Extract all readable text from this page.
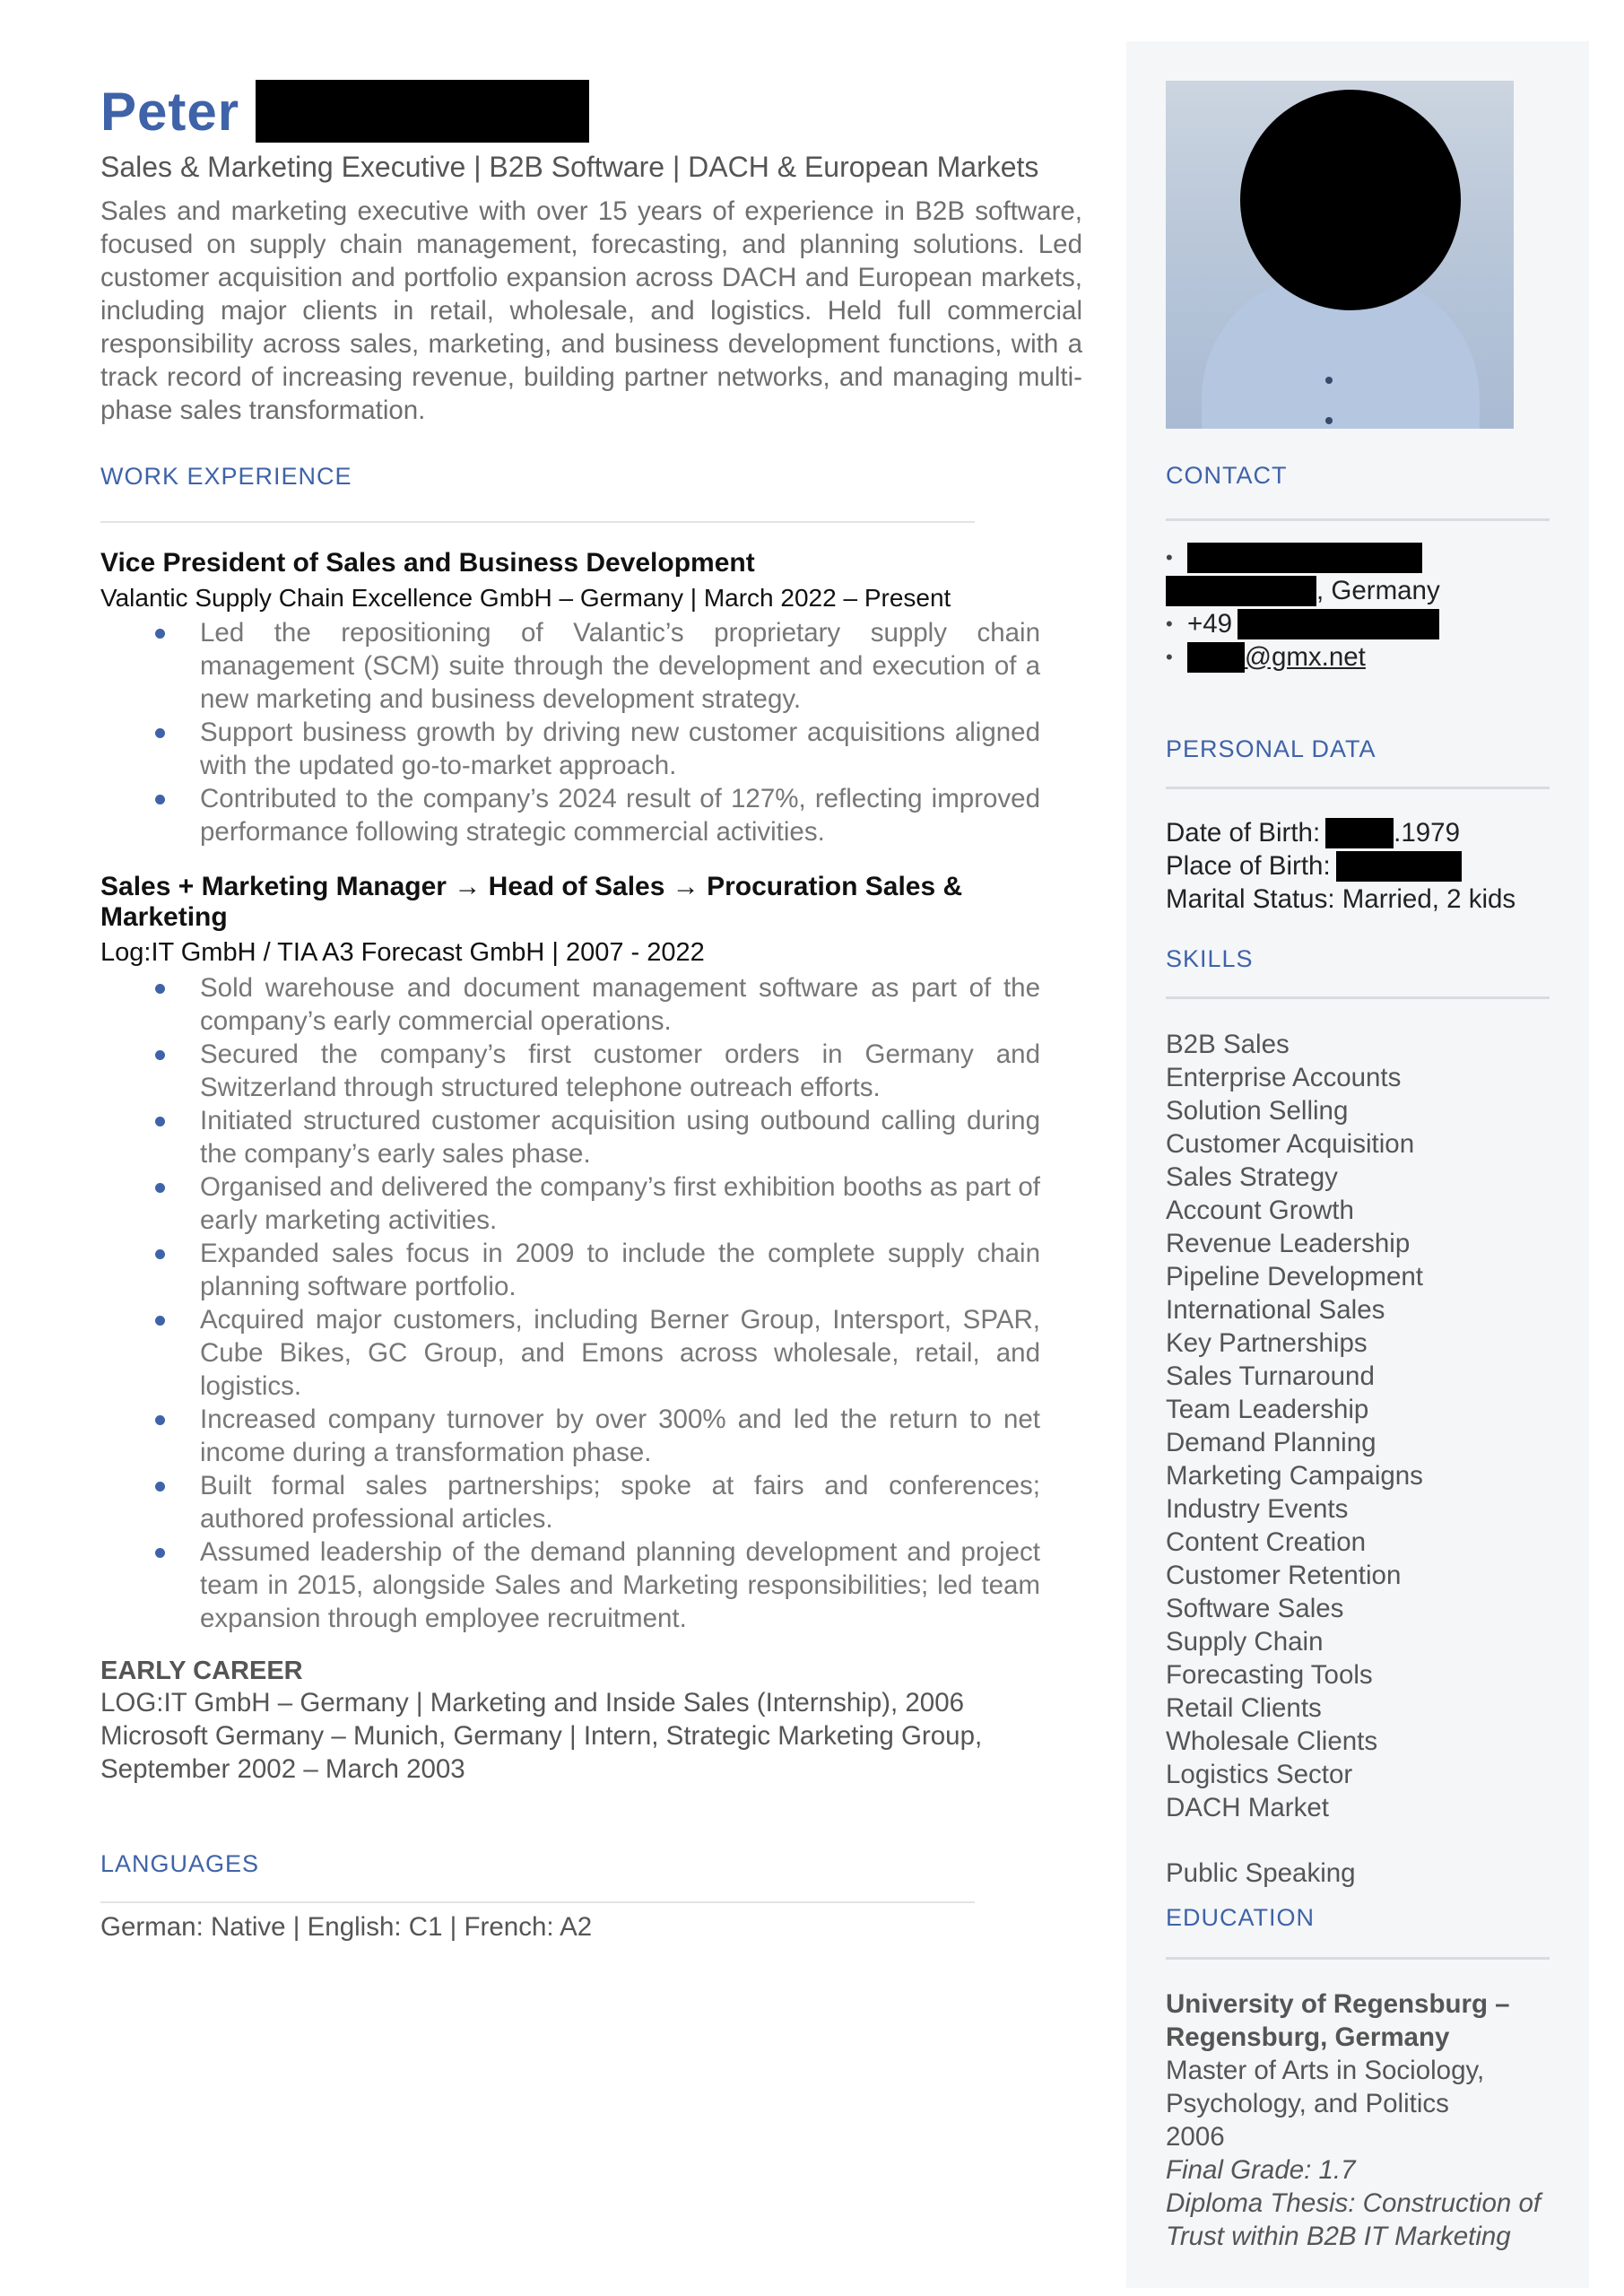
Peter
Sales & Marketing Executive | B2B Software | DACH & European Markets
Sales and marketing executive with over 15 years of experience in B2B software, focused on supply chain management, forecasting, and planning solutions. Led customer acquisition and portfolio expansion across DACH and European markets, including major clients in retail, wholesale, and logistics. Held full commercial responsibility across sales, marketing, and business development functions, with a track record of increasing revenue, building partner networks, and managing multi-phase sales transformation.
WORK EXPERIENCE
Vice President of Sales and Business Development
Valantic Supply Chain Excellence GmbH – Germany | March 2022 – Present
Led the repositioning of Valantic’s proprietary supply chain management (SCM) suite through the development and execution of a new marketing and business development strategy.
Support business growth by driving new customer acquisitions aligned with the updated go-to-market approach.
Contributed to the company’s 2024 result of 127%, reflecting improved performance following strategic commercial activities.
Sales + Marketing Manager → Head of Sales → Procuration Sales & Marketing
Log:IT GmbH / TIA A3 Forecast GmbH | 2007 - 2022
Sold warehouse and document management software as part of the company’s early commercial operations.
Secured the company’s first customer orders in Germany and Switzerland through structured telephone outreach efforts.
Initiated structured customer acquisition using outbound calling during the company’s early sales phase.
Organised and delivered the company’s first exhibition booths as part of early marketing activities.
Expanded sales focus in 2009 to include the complete supply chain planning software portfolio.
Acquired major customers, including Berner Group, Intersport, SPAR, Cube Bikes, GC Group, and Emons across wholesale, retail, and logistics.
Increased company turnover by over 300% and led the return to net income during a transformation phase.
Built formal sales partnerships; spoke at fairs and conferences; authored professional articles.
Assumed leadership of the demand planning development and project team in 2015, alongside Sales and Marketing responsibilities; led team expansion through employee recruitment.
EARLY CAREER
LOG:IT GmbH – Germany | Marketing and Inside Sales (Internship), 2006
Microsoft Germany – Munich, Germany | Intern, Strategic Marketing Group,
September 2002 – March 2003
LANGUAGES
German: Native | English: C1 | French: A2
CONTACT
•
, Germany
• +49
•	@gmx.net
PERSONAL DATA
Date of Birth:	.1979
Place of Birth:
Marital Status: Married, 2 kids
SKILLS
B2B Sales
Enterprise Accounts
Solution Selling
Customer Acquisition
Sales Strategy
Account Growth
Revenue Leadership
Pipeline Development
International Sales
Key Partnerships
Sales Turnaround
Team Leadership
Demand Planning
Marketing Campaigns
Industry Events
Content Creation
Customer Retention
Software Sales
Supply Chain
Forecasting Tools
Retail Clients
Wholesale Clients
Logistics Sector
DACH Market
Public Speaking
EDUCATION
University of Regensburg –
Regensburg, Germany
Master of Arts in Sociology,
Psychology, and Politics
2006
Final Grade: 1.7
Diploma Thesis: Construction of
Trust within B2B IT Marketing
